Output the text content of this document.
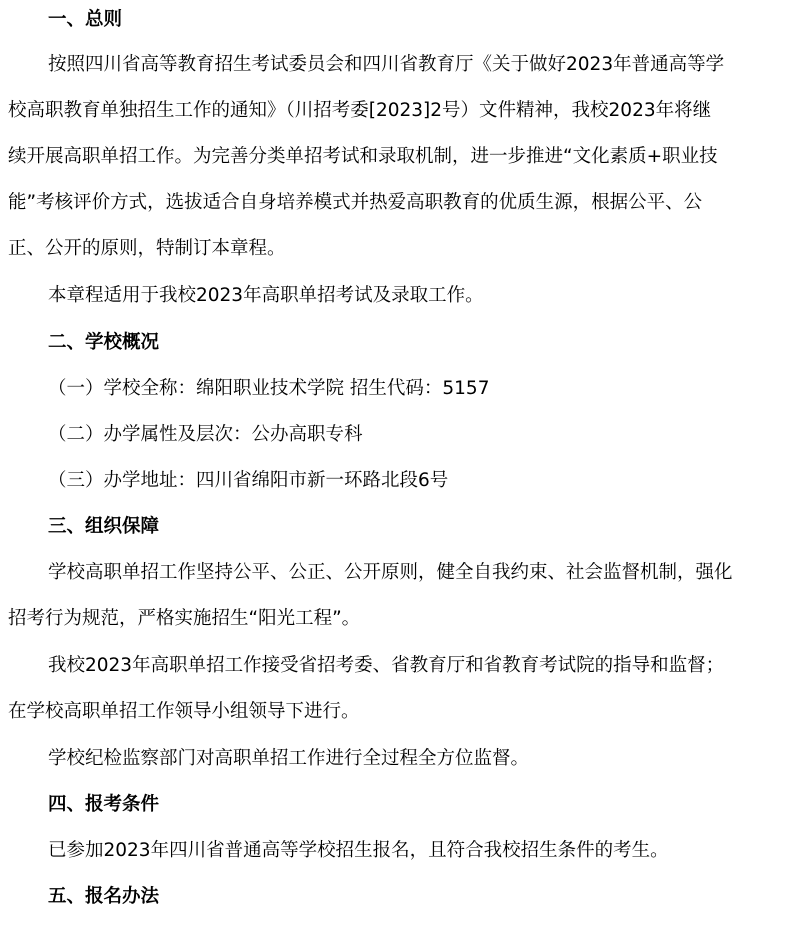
一、总则

按照四川省高等教育招生考试委员会和四川省教育厅《关于做好2023年普通高等学

校高职教育单独招生工作的通知》（川招考委[2023]2号）文件精神，我校2023年将继

续开展高职单招工作。为完善分类单招考试和录取机制，进一步推进“文化素质+职业技

能”考核评价方式，选拔适合自身培养模式并热爱高职教育的优质生源，根据公平、公

正、公开的原则，特制订本章程。

本章程适用于我校2023年高职单招考试及录取工作。

二、学校概况

（一）学校全称：绵阳职业技术学院 招生代码：5157

（二）办学属性及层次：公办高职专科

（三）办学地址：四川省绵阳市新一环路北段6号

三、组织保障

学校高职单招工作坚持公平、公正、公开原则，健全自我约束、社会监督机制，强化

招考行为规范，严格实施招生“阳光工程”。

我校2023年高职单招工作接受省招考委、省教育厅和省教育考试院的指导和监督；

在学校高职单招工作领导小组领导下进行。

学校纪检监察部门对高职单招工作进行全过程全方位监督。

四、报考条件

已参加2023年四川省普通高等学校招生报名，且符合我校招生条件的考生。

五、报名办法
